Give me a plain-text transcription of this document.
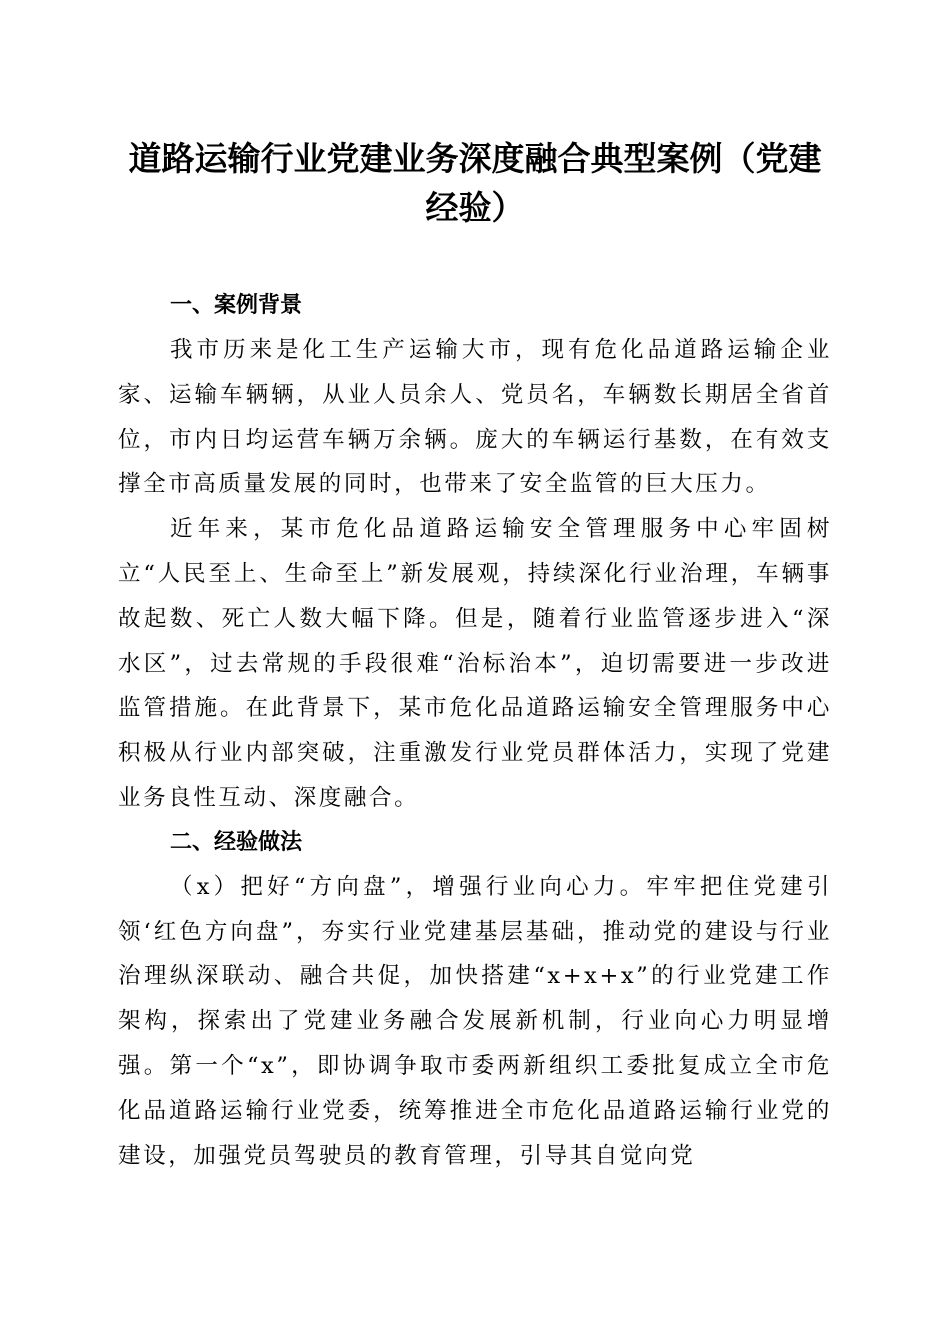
道路运输行业党建业务深度融合典型案例（党建经验）
一、案例背景

我市历来是化工生产运输大市，现有危化品道路运输企业家、运输车辆辆，从业人员余人、党员名，车辆数长期居全省首位，市内日均运营车辆万余辆。庞大的车辆运行基数，在有效支撑全市高质量发展的同时，也带来了安全监管的巨大压力。

近年来，某市危化品道路运输安全管理服务中心牢固树立“人民至上、生命至上”新发展观，持续深化行业治理，车辆事故起数、死亡人数大幅下降。但是，随着行业监管逐步进入“深水区”，过去常规的手段很难“治标治本”，迫切需要进一步改进监管措施。在此背景下，某市危化品道路运输安全管理服务中心积极从行业内部突破，注重激发行业党员群体活力，实现了党建业务良性互动、深度融合。

二、经验做法

（x）把好“方向盘”，增强行业向心力。牢牢把住党建引领‘红色方向盘”，夯实行业党建基层基础，推动党的建设与行业治理纵深联动、融合共促，加快搭建“x+x+x”的行业党建工作架构，探索出了党建业务融合发展新机制，行业向心力明显增强。第一个“x”，即协调争取市委两新组织工委批复成立全市危化品道路运输行业党委，统筹推进全市危化品道路运输行业党的建设，加强党员驾驶员的教育管理，引导其自觉向党
